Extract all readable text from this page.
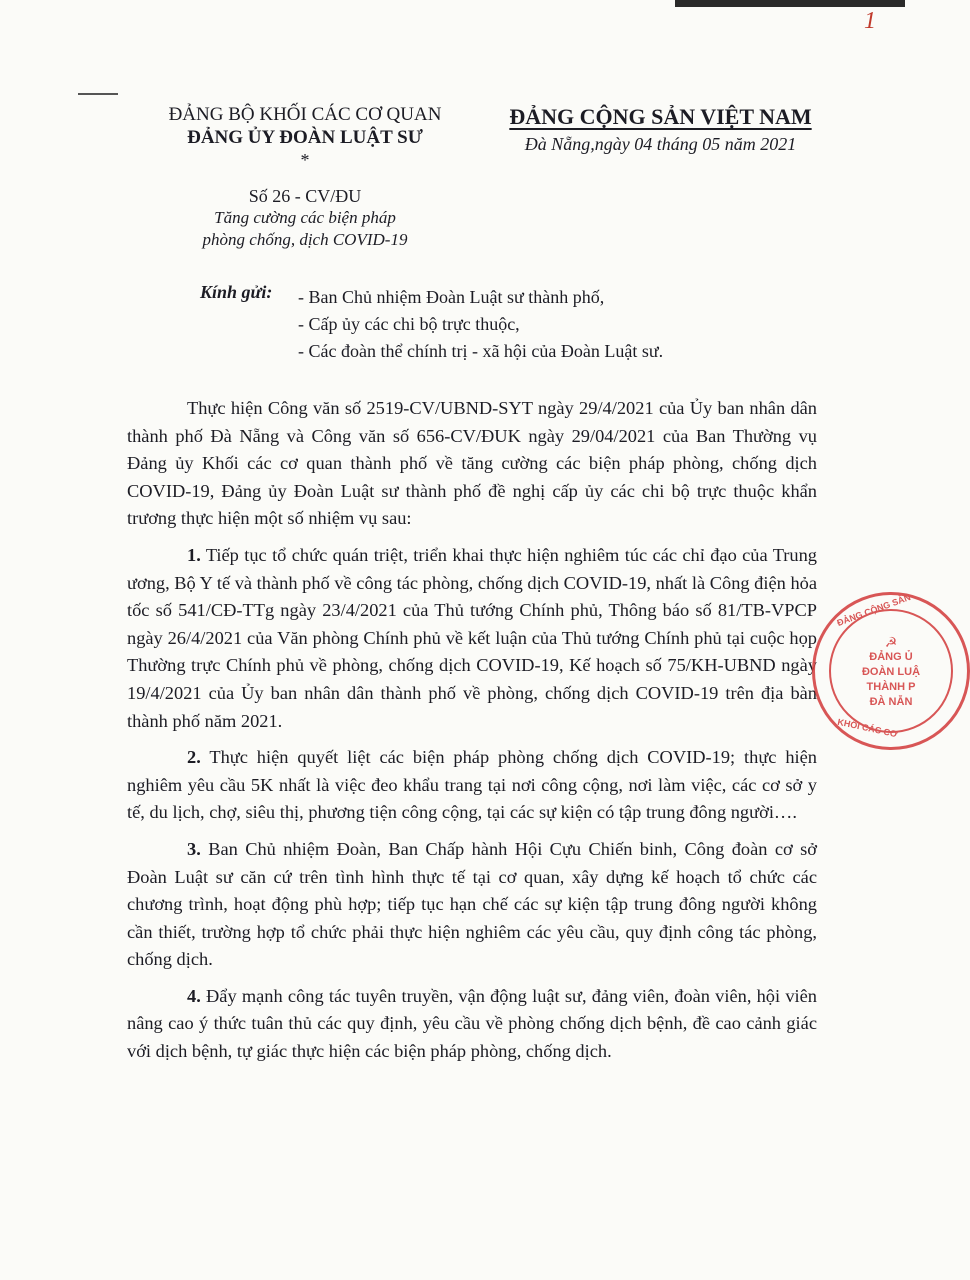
1
ĐẢNG BỘ KHỐI CÁC CƠ QUAN
ĐẢNG ỦY ĐOÀN LUẬT SƯ
*
Số 26 - CV/ĐU
Tăng cường các biện pháp
phòng chống, dịch COVID-19
ĐẢNG CỘNG SẢN VIỆT NAM
Đà Nẵng,ngày 04 tháng 05 năm 2021
Kính gửi: - Ban Chủ nhiệm Đoàn Luật sư thành phố,
- Cấp ủy các chi bộ trực thuộc,
- Các đoàn thể chính trị - xã hội của Đoàn Luật sư.

Thực hiện Công văn số 2519-CV/UBND-SYT ngày 29/4/2021 của Ủy ban nhân dân thành phố Đà Nẵng và Công văn số 656-CV/ĐUK ngày 29/04/2021 của Ban Thường vụ Đảng ủy Khối các cơ quan thành phố về tăng cường các biện pháp phòng, chống dịch COVID-19, Đảng ủy Đoàn Luật sư thành phố đề nghị cấp ủy các chi bộ trực thuộc khẩn trương thực hiện một số nhiệm vụ sau:

1. Tiếp tục tổ chức quán triệt, triển khai thực hiện nghiêm túc các chỉ đạo của Trung ương, Bộ Y tế và thành phố về công tác phòng, chống dịch COVID-19, nhất là Công điện hỏa tốc số 541/CĐ-TTg ngày 23/4/2021 của Thủ tướng Chính phủ, Thông báo số 81/TB-VPCP ngày 26/4/2021 của Văn phòng Chính phủ về kết luận của Thủ tướng Chính phủ tại cuộc họp Thường trực Chính phủ về phòng, chống dịch COVID-19, Kế hoạch số 75/KH-UBND ngày 19/4/2021 của Ủy ban nhân dân thành phố về phòng, chống dịch COVID-19 trên địa bàn thành phố năm 2021.

2. Thực hiện quyết liệt các biện pháp phòng chống dịch COVID-19; thực hiện nghiêm yêu cầu 5K nhất là việc đeo khẩu trang tại nơi công cộng, nơi làm việc, các cơ sở y tế, du lịch, chợ, siêu thị, phương tiện công cộng, tại các sự kiện có tập trung đông người….

3. Ban Chủ nhiệm Đoàn, Ban Chấp hành Hội Cựu Chiến binh, Công đoàn cơ sở Đoàn Luật sư căn cứ trên tình hình thực tế tại cơ quan, xây dựng kế hoạch tổ chức các chương trình, hoạt động phù hợp; tiếp tục hạn chế các sự kiện tập trung đông người không cần thiết, trường hợp tổ chức phải thực hiện nghiêm các yêu cầu, quy định công tác phòng, chống dịch.

4. Đẩy mạnh công tác tuyên truyền, vận động luật sư, đảng viên, đoàn viên, hội viên nâng cao ý thức tuân thủ các quy định, yêu cầu về phòng chống dịch bệnh, đề cao cảnh giác với dịch bệnh, tự giác thực hiện các biện pháp phòng, chống dịch.

ĐẢNG CỘNG SẢN
☭
ĐẢNG Ủ
ĐOÀN LUẬ
THÀNH P
ĐÀ NẴN
KHỐI CÁC CƠ
